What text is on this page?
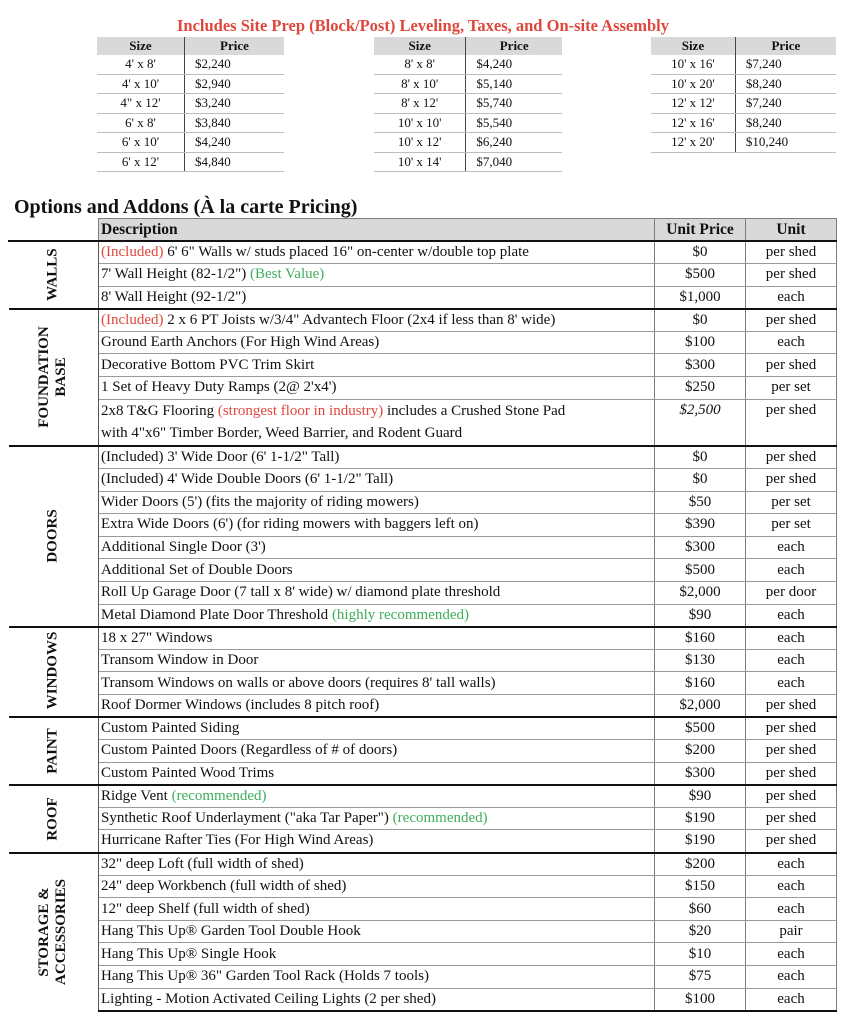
Includes Site Prep (Block/Post) Leveling, Taxes, and On-site Assembly
Size	Price
4' x 8'	$2,240
4' x 10'	$2,940
4" x 12'	$3,240
6' x 8'	$3,840
6' x 10'	$4,240
6' x 12'	$4,840
Size	Price
8' x 8'	$4,240
8' x 10'	$5,140
8' x 12'	$5,740
10' x 10'	$5,540
10' x 12'	$6,240
10' x 14'	$7,040
Size	Price
10' x 16'	$7,240
10' x 20'	$8,240
12' x 12'	$7,240
12' x 16'	$8,240
12' x 20'	$10,240
Options and Addons (À la carte Pricing)
	Description	Unit Price	Unit

WALLS	(Included) 6' 6" Walls w/ studs placed 16" on-center w/double top plate	$0	per shed
	7' Wall Height (82-1/2") (Best Value)	$500	per shed
	8' Wall Height (92-1/2")	$1,000	each

FOUNDATION BASE	(Included) 2 x 6 PT Joists w/3/4" Advantech Floor (2x4 if less than 8' wide)	$0	per shed
	Ground Earth Anchors (For High Wind Areas)	$100	each
	Decorative Bottom PVC Trim Skirt	$300	per shed
	1 Set of Heavy Duty Ramps (2@ 2'x4')	$250	per set
	2x8 T&G Flooring (strongest floor in industry) includes a Crushed Stone Pad
with 4"x6" Timber Border, Weed Barrier, and Rodent Guard	$2,500	per shed

DOORS	(Included) 3' Wide Door (6' 1-1/2" Tall)	$0	per shed
	(Included) 4' Wide Double Doors (6' 1-1/2" Tall)	$0	per shed
	Wider Doors (5') (fits the majority of riding mowers)	$50	per set
	Extra Wide Doors (6') (for riding mowers with baggers left on)	$390	per set
	Additional Single Door (3')	$300	each
	Additional Set of Double Doors	$500	each
	Roll Up Garage Door (7 tall x 8' wide) w/ diamond plate threshold	$2,000	per door
	Metal Diamond Plate Door Threshold (highly recommended)	$90	each

WINDOWS	18 x 27" Windows	$160	each
	Transom Window in Door	$130	each
	Transom Windows on walls or above doors (requires 8' tall walls)	$160	each
	Roof Dormer Windows (includes 8 pitch roof)	$2,000	per shed

PAINT	Custom Painted Siding	$500	per shed
	Custom Painted Doors (Regardless of # of doors)	$200	per shed
	Custom Painted Wood Trims	$300	per shed

ROOF	Ridge Vent (recommended)	$90	per shed
	Synthetic Roof Underlayment ("aka Tar Paper") (recommended)	$190	per shed
	Hurricane Rafter Ties (For High Wind Areas)	$190	per shed

STORAGE & ACCESSORIES	32" deep Loft (full width of shed)	$200	each
	24" deep Workbench (full width of shed)	$150	each
	12" deep Shelf (full width of shed)	$60	each
	Hang This Up® Garden Tool Double Hook	$20	pair
	Hang This Up® Single Hook	$10	each
	Hang This Up® 36" Garden Tool Rack (Holds 7 tools)	$75	each
	Lighting - Motion Activated Ceiling Lights (2 per shed)	$100	each
